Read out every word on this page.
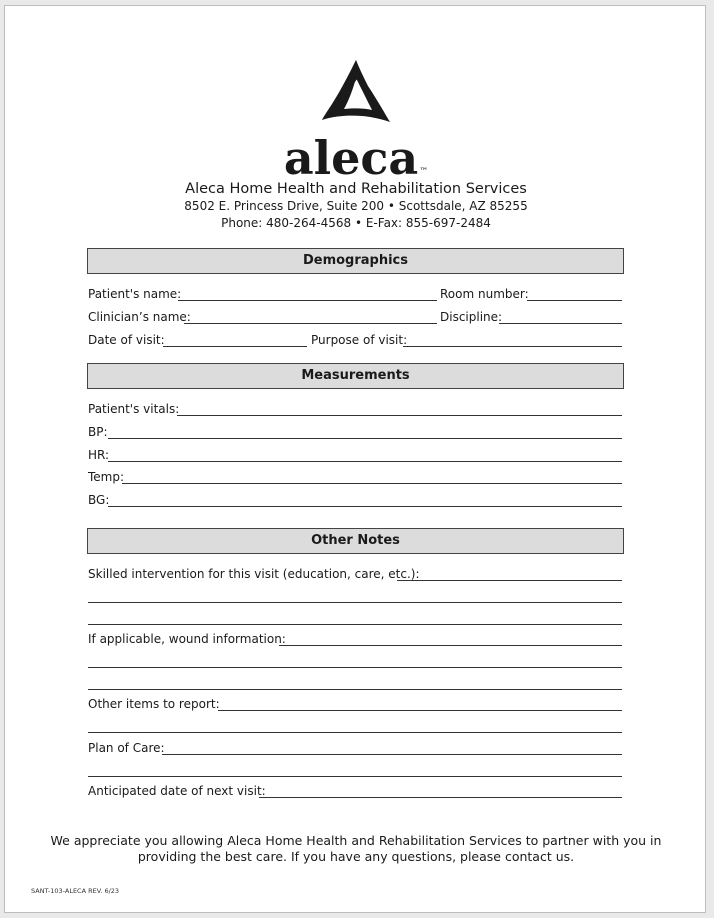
aleca™
Aleca Home Health and Rehabilitation Services
8502 E. Princess Drive, Suite 200 • Scottsdale, AZ 85255
Phone: 480-264-4568 • E-Fax: 855-697-2484
Demographics
Patient's name:	Room number:
Clinician’s name:	Discipline:
Date of visit:	Purpose of visit:
Measurements
Patient's vitals:
BP:
HR:
Temp:
BG:
Other Notes
Skilled intervention for this visit (education, care, etc.):
If applicable, wound information:
Other items to report:
Plan of Care:
Anticipated date of next visit:
We appreciate you allowing Aleca Home Health and Rehabilitation Services to partner with you in
providing the best care. If you have any questions, please contact us.
SANT-103-ALECA REV. 6/23
